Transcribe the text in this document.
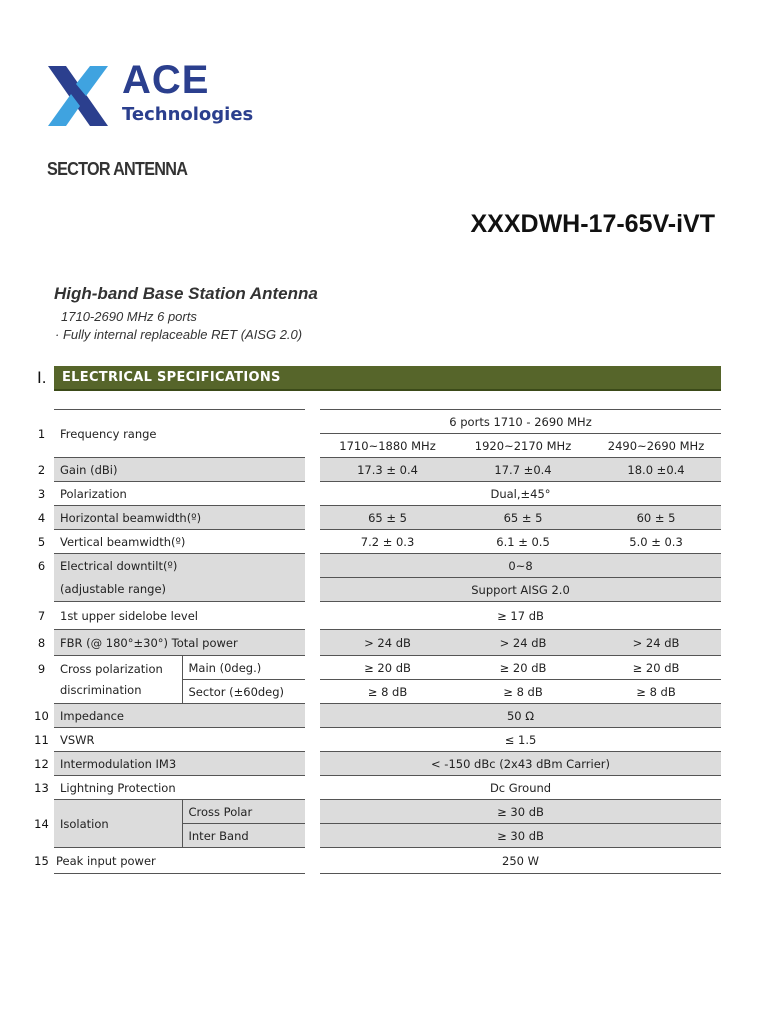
ACE
Technologies
SECTOR ANTENNA
XXXDWH-17-65V-iVT
High-band Base Station Antenna
1710-2690 MHz 6 ports
· Fully internal replaceable RET (AISG 2.0)
I. ELECTRICAL SPECIFICATIONS
1	Frequency range			6 ports 1710 - 2690 MHz		
				1710~1880 MHz	1920~2170 MHz	2490~2690 MHz
2	Gain (dBi)			17.3 ± 0.4	17.7 ±0.4	18.0 ±0.4
3	Polarization			Dual,±45°		
4	Horizontal beamwidth(º)			65 ± 5	65 ± 5	60 ± 5
5	Vertical beamwidth(º)			7.2 ± 0.3	6.1 ± 0.5	5.0 ± 0.3
6	Electrical downtilt(º)			0~8		
	(adjustable range)			Support AISG 2.0		
7	1st upper sidelobe level			≥ 17 dB		
8	FBR (@ 180°±30°) Total power			> 24 dB	> 24 dB	> 24 dB
9	Cross polarization
discrimination	Main (0deg.)		≥ 20 dB	≥ 20 dB	≥ 20 dB
		Sector (±60deg)		≥ 8 dB	≥ 8 dB	≥ 8 dB
10	Impedance			50 Ω		
11	VSWR			≤ 1.5		
12	Intermodulation IM3			< -150 dBc (2x43 dBm Carrier)		
13	Lightning Protection			Dc Ground		
14	Isolation	Cross Polar		≥ 30 dB		
		Inter Band		≥ 30 dB		
15	Peak input power			250 W		
